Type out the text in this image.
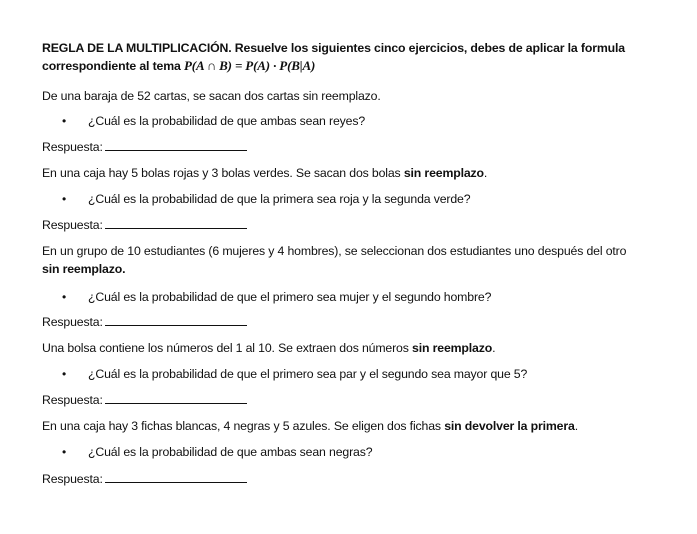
REGLA DE LA MULTIPLICACIÓN. Resuelve los siguientes cinco ejercicios, debes de aplicar la formula
correspondiente al tema P(A ∩ B) = P(A) · P(B|A)
De una baraja de 52 cartas, se sacan dos cartas sin reemplazo.
• ¿Cuál es la probabilidad de que ambas sean reyes?
Respuesta:
En una caja hay 5 bolas rojas y 3 bolas verdes. Se sacan dos bolas sin reemplazo.
• ¿Cuál es la probabilidad de que la primera sea roja y la segunda verde?
Respuesta:
En un grupo de 10 estudiantes (6 mujeres y 4 hombres), se seleccionan dos estudiantes uno después del otro
sin reemplazo.
• ¿Cuál es la probabilidad de que el primero sea mujer y el segundo hombre?
Respuesta:
Una bolsa contiene los números del 1 al 10. Se extraen dos números sin reemplazo.
• ¿Cuál es la probabilidad de que el primero sea par y el segundo sea mayor que 5?
Respuesta:
En una caja hay 3 fichas blancas, 4 negras y 5 azules. Se eligen dos fichas sin devolver la primera.
• ¿Cuál es la probabilidad de que ambas sean negras?
Respuesta:
